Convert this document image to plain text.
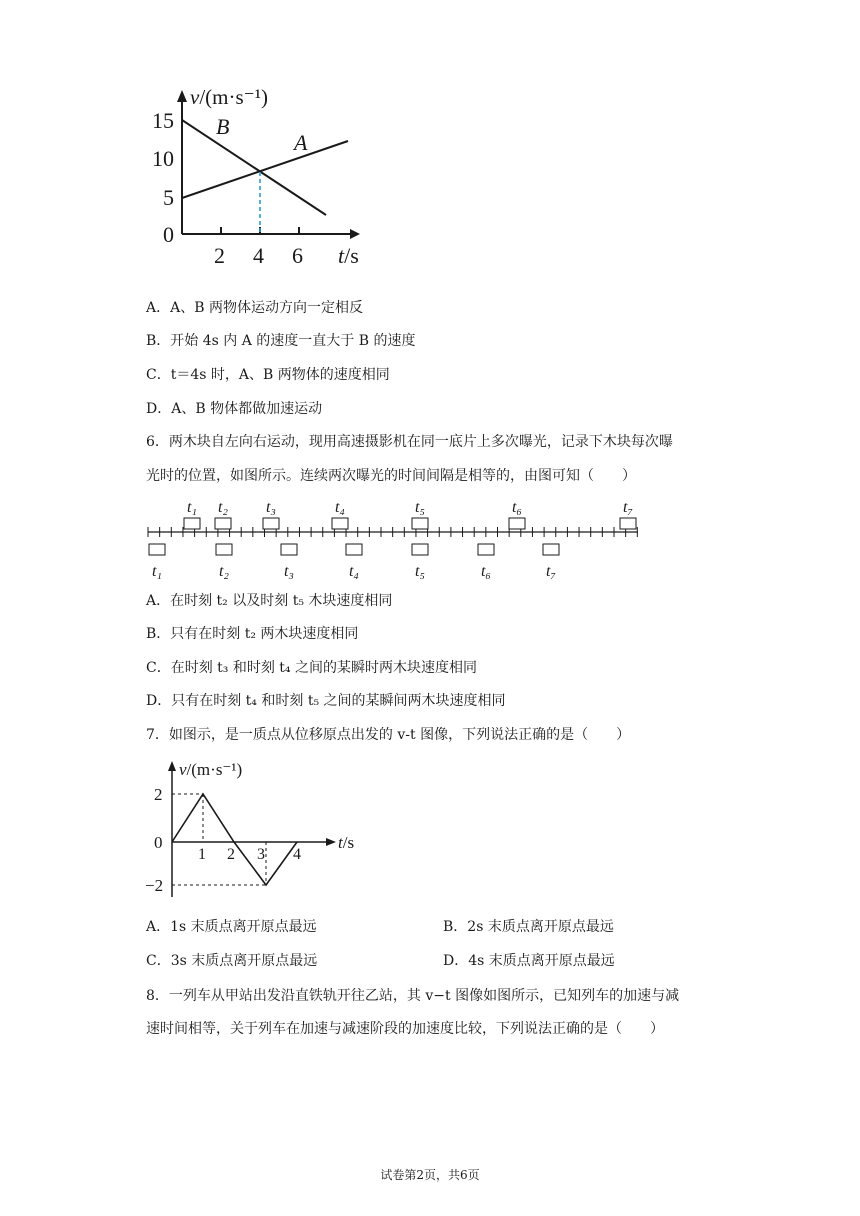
15
10
5
0
2 4 6
v/(m·s⁻¹)
t/s
B
A
A．A、B 两物体运动方向一定相反
B．开始 4s 内 A 的速度一直大于 B 的速度
C．t＝4s 时，A、B 两物体的速度相同
D．A、B 物体都做加速运动
6．两木块自左向右运动，现用高速摄影机在同一底片上多次曝光，记录下木块每次曝
光时的位置，如图所示。连续两次曝光的时间间隔是相等的，由图可知（　　）
t₁ t₂ t₃	t₄	t₅	t₆	t₇
t₁	t₂	t₃	t₄	t₅	t₆	t₇
A．在时刻 t₂ 以及时刻 t₅ 木块速度相同
B．只有在时刻 t₂ 两木块速度相同
C．在时刻 t₃ 和时刻 t₄ 之间的某瞬时两木块速度相同
D．只有在时刻 t₄ 和时刻 t₅ 之间的某瞬间两木块速度相同
7．如图示，是一质点从位移原点出发的 v-t 图像，下列说法正确的是（　　）
2
0
−2
1 2 3 4
v/(m·s⁻¹)
t/s
A．1s 末质点离开原点最远	B．2s 末质点离开原点最远
C．3s 末质点离开原点最远	D．4s 末质点离开原点最远
8．一列车从甲站出发沿直铁轨开往乙站，其 v−t 图像如图所示，已知列车的加速与减
速时间相等，关于列车在加速与减速阶段的加速度比较，下列说法正确的是（　　）
试卷第2页，共6页
